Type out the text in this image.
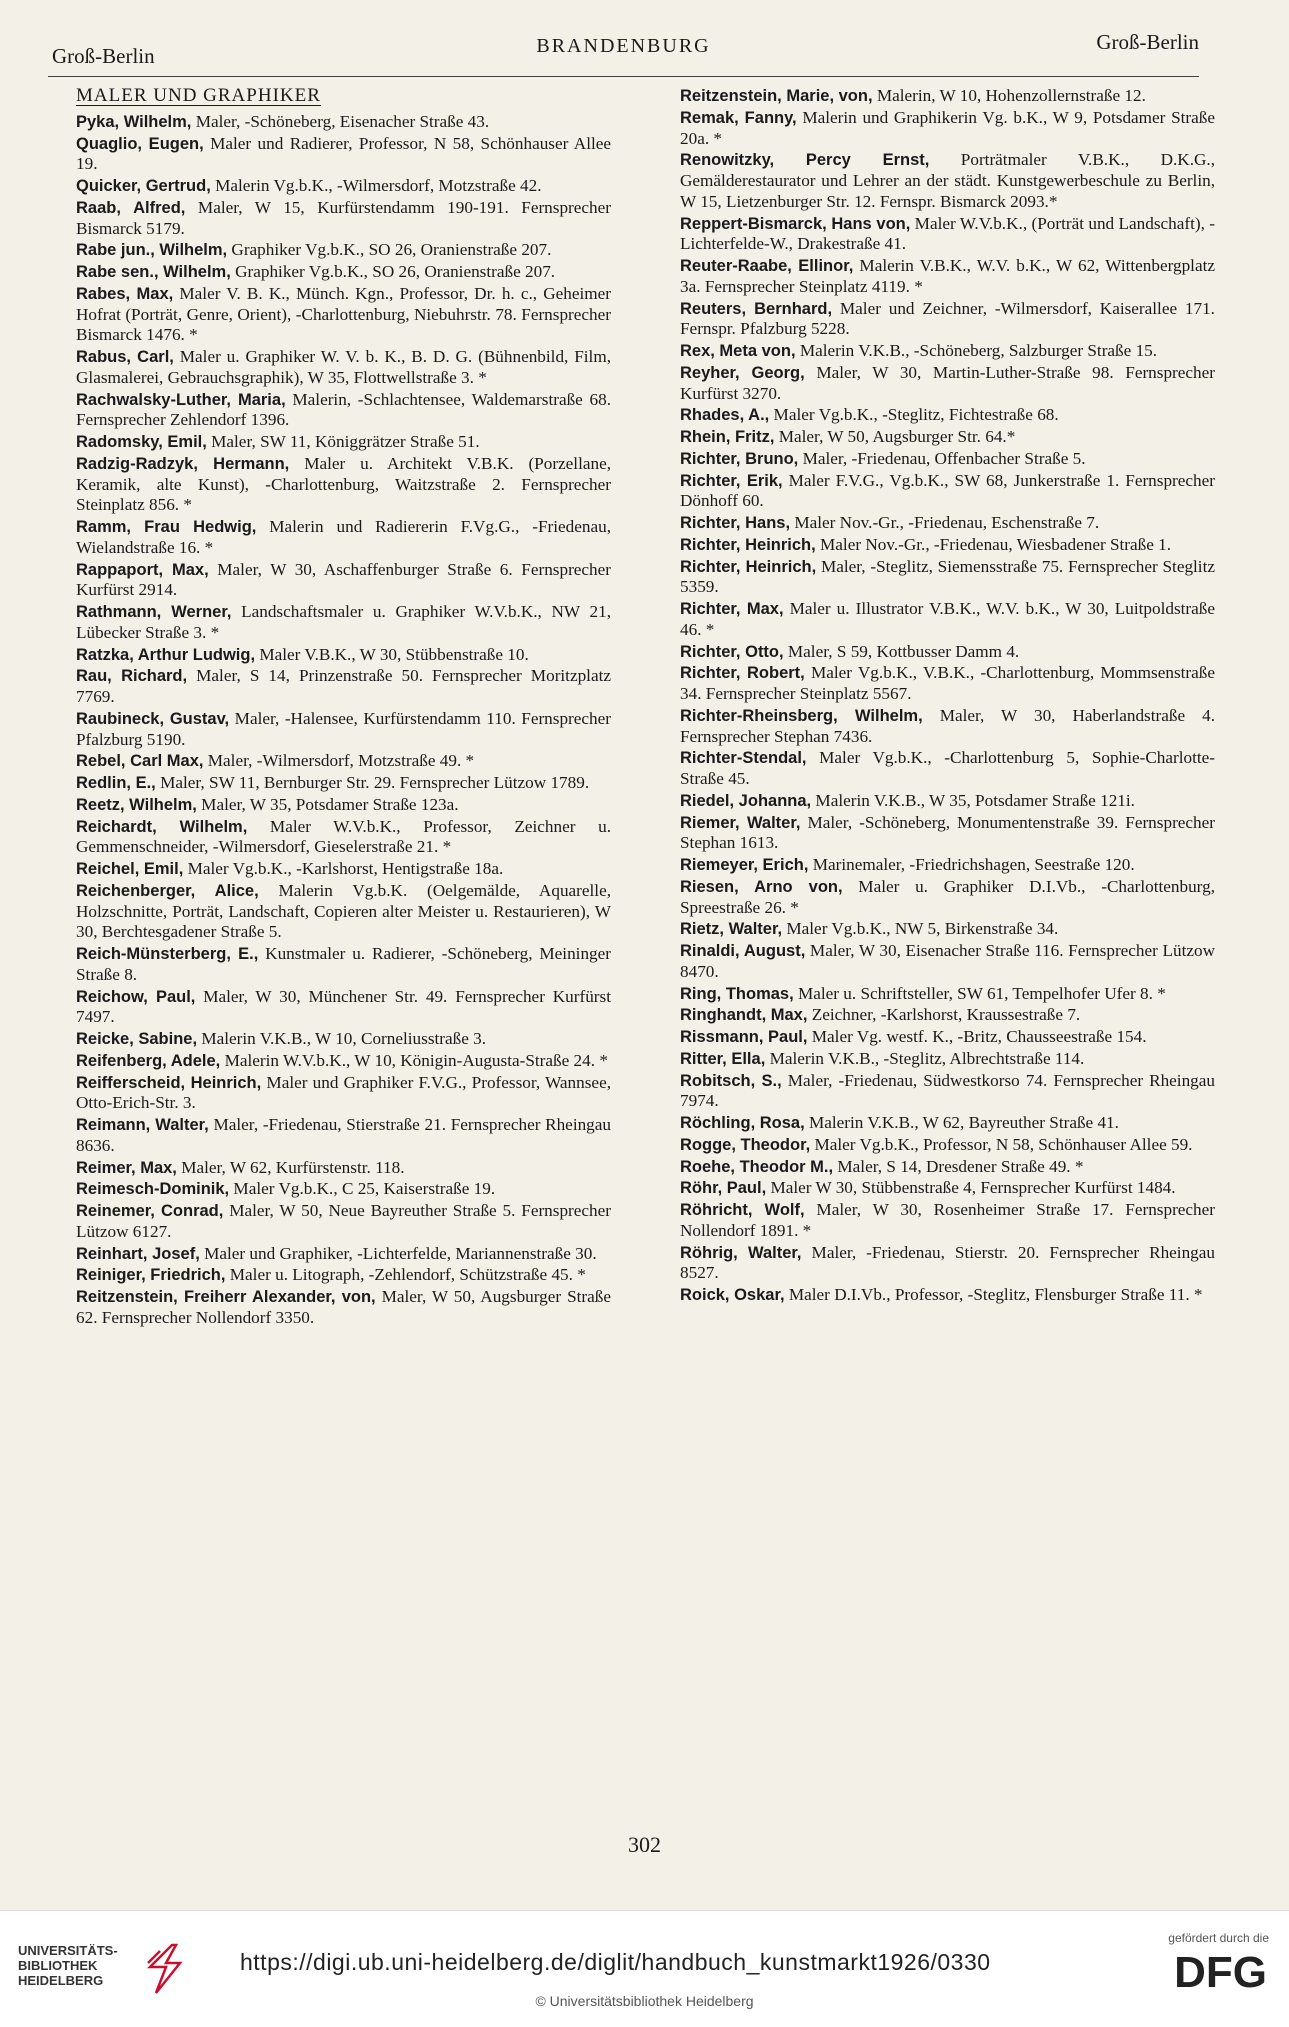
Groß-Berlin	BRANDENBURG	Groß-Berlin
MALER UND GRAPHIKER
Pyka, Wilhelm, Maler, -Schöneberg, Eisenacher Straße 43.
Quaglio, Eugen, Maler und Radierer, Professor, N 58, Schönhauser Allee 19.
Quicker, Gertrud, Malerin Vg.b.K., -Wilmersdorf, Motzstraße 42.
Raab, Alfred, Maler, W 15, Kurfürstendamm 190-191. Fernsprecher Bismarck 5179.
Rabe jun., Wilhelm, Graphiker Vg.b.K., SO 26, Oranienstraße 207.
Rabe sen., Wilhelm, Graphiker Vg.b.K., SO 26, Oranienstraße 207.
Rabes, Max, Maler V. B. K., Münch. Kgn., Professor, Dr. h. c., Geheimer Hofrat (Porträt, Genre, Orient), -Charlottenburg, Niebuhrstr. 78. Fernsprecher Bismarck 1476. *
Rabus, Carl, Maler u. Graphiker W. V. b. K., B. D. G. (Bühnenbild, Film, Glasmalerei, Gebrauchsgraphik), W 35, Flottwellstraße 3. *
Rachwalsky-Luther, Maria, Malerin, -Schlachtensee, Waldemarstraße 68. Fernsprecher Zehlendorf 1396.
Radomsky, Emil, Maler, SW 11, Königgrätzer Straße 51.
Radzig-Radzyk, Hermann, Maler u. Architekt V.B.K. (Porzellane, Keramik, alte Kunst), -Charlottenburg, Waitzstraße 2. Fernsprecher Steinplatz 856. *
Ramm, Frau Hedwig, Malerin und Radiererin F.Vg.G., -Friedenau, Wielandstraße 16. *
Rappaport, Max, Maler, W 30, Aschaffenburger Straße 6. Fernsprecher Kurfürst 2914.
Rathmann, Werner, Landschaftsmaler u. Graphiker W.V.b.K., NW 21, Lübecker Straße 3. *
Ratzka, Arthur Ludwig, Maler V.B.K., W 30, Stübbenstraße 10.
Rau, Richard, Maler, S 14, Prinzenstraße 50. Fernsprecher Moritzplatz 7769.
Raubineck, Gustav, Maler, -Halensee, Kurfürstendamm 110. Fernsprecher Pfalzburg 5190.
Rebel, Carl Max, Maler, -Wilmersdorf, Motzstraße 49. *
Redlin, E., Maler, SW 11, Bernburger Str. 29. Fernsprecher Lützow 1789.
Reetz, Wilhelm, Maler, W 35, Potsdamer Straße 123a.
Reichardt, Wilhelm, Maler W.V.b.K., Professor, Zeichner u. Gemmenschneider, -Wilmersdorf, Gieselerstraße 21. *
Reichel, Emil, Maler Vg.b.K., -Karlshorst, Hentigstraße 18a.
Reichenberger, Alice, Malerin Vg.b.K. (Oelgemälde, Aquarelle, Holzschnitte, Porträt, Landschaft, Copieren alter Meister u. Restaurieren), W 30, Berchtesgadener Straße 5.
Reich-Münsterberg, E., Kunstmaler u. Radierer, -Schöneberg, Meininger Straße 8.
Reichow, Paul, Maler, W 30, Münchener Str. 49. Fernsprecher Kurfürst 7497.
Reicke, Sabine, Malerin V.K.B., W 10, Corneliusstraße 3.
Reifenberg, Adele, Malerin W.V.b.K., W 10, Königin-Augusta-Straße 24. *
Reifferscheid, Heinrich, Maler und Graphiker F.V.G., Professor, Wannsee, Otto-Erich-Str. 3.
Reimann, Walter, Maler, -Friedenau, Stierstraße 21. Fernsprecher Rheingau 8636.
Reimer, Max, Maler, W 62, Kurfürstenstr. 118.
Reimesch-Dominik, Maler Vg.b.K., C 25, Kaiserstraße 19.
Reinemer, Conrad, Maler, W 50, Neue Bayreuther Straße 5. Fernsprecher Lützow 6127.
Reinhart, Josef, Maler und Graphiker, -Lichterfelde, Mariannenstraße 30.
Reiniger, Friedrich, Maler u. Litograph, -Zehlendorf, Schützstraße 45. *
Reitzenstein, Freiherr Alexander, von, Maler, W 50, Augsburger Straße 62. Fernsprecher Nollendorf 3350.
Reitzenstein, Marie, von, Malerin, W 10, Hohenzollernstraße 12.
Remak, Fanny, Malerin und Graphikerin Vg. b.K., W 9, Potsdamer Straße 20a. *
Renowitzky, Percy Ernst, Porträtmaler V.B.K., D.K.G., Gemälderestaurator und Lehrer an der städt. Kunstgewerbeschule zu Berlin, W 15, Lietzenburger Str. 12. Fernspr. Bismarck 2093.*
Reppert-Bismarck, Hans von, Maler W.V.b.K., (Porträt und Landschaft), -Lichterfelde-W., Drakestraße 41.
Reuter-Raabe, Ellinor, Malerin V.B.K., W.V. b.K., W 62, Wittenbergplatz 3a. Fernsprecher Steinplatz 4119. *
Reuters, Bernhard, Maler und Zeichner, -Wilmersdorf, Kaiserallee 171. Fernspr. Pfalzburg 5228.
Rex, Meta von, Malerin V.K.B., -Schöneberg, Salzburger Straße 15.
Reyher, Georg, Maler, W 30, Martin-Luther-Straße 98. Fernsprecher Kurfürst 3270.
Rhades, A., Maler Vg.b.K., -Steglitz, Fichtestraße 68.
Rhein, Fritz, Maler, W 50, Augsburger Str. 64.*
Richter, Bruno, Maler, -Friedenau, Offenbacher Straße 5.
Richter, Erik, Maler F.V.G., Vg.b.K., SW 68, Junkerstraße 1. Fernsprecher Dönhoff 60.
Richter, Hans, Maler Nov.-Gr., -Friedenau, Eschenstraße 7.
Richter, Heinrich, Maler Nov.-Gr., -Friedenau, Wiesbadener Straße 1.
Richter, Heinrich, Maler, -Steglitz, Siemensstraße 75. Fernsprecher Steglitz 5359.
Richter, Max, Maler u. Illustrator V.B.K., W.V. b.K., W 30, Luitpoldstraße 46. *
Richter, Otto, Maler, S 59, Kottbusser Damm 4.
Richter, Robert, Maler Vg.b.K., V.B.K., -Charlottenburg, Mommsenstraße 34. Fernsprecher Steinplatz 5567.
Richter-Rheinsberg, Wilhelm, Maler, W 30, Haberlandstraße 4. Fernsprecher Stephan 7436.
Richter-Stendal, Maler Vg.b.K., -Charlottenburg 5, Sophie-Charlotte-Straße 45.
Riedel, Johanna, Malerin V.K.B., W 35, Potsdamer Straße 121i.
Riemer, Walter, Maler, -Schöneberg, Monumentenstraße 39. Fernsprecher Stephan 1613.
Riemeyer, Erich, Marinemaler, -Friedrichshagen, Seestraße 120.
Riesen, Arno von, Maler u. Graphiker D.I.Vb., -Charlottenburg, Spreestraße 26. *
Rietz, Walter, Maler Vg.b.K., NW 5, Birkenstraße 34.
Rinaldi, August, Maler, W 30, Eisenacher Straße 116. Fernsprecher Lützow 8470.
Ring, Thomas, Maler u. Schriftsteller, SW 61, Tempelhofer Ufer 8. *
Ringhandt, Max, Zeichner, -Karlshorst, Kraussestraße 7.
Rissmann, Paul, Maler Vg. westf. K., -Britz, Chausseestraße 154.
Ritter, Ella, Malerin V.K.B., -Steglitz, Albrechtstraße 114.
Robitsch, S., Maler, -Friedenau, Südwestkorso 74. Fernsprecher Rheingau 7974.
Röchling, Rosa, Malerin V.K.B., W 62, Bayreuther Straße 41.
Rogge, Theodor, Maler Vg.b.K., Professor, N 58, Schönhauser Allee 59.
Roehe, Theodor M., Maler, S 14, Dresdener Straße 49. *
Röhr, Paul, Maler W 30, Stübbenstraße 4, Fernsprecher Kurfürst 1484.
Röhricht, Wolf, Maler, W 30, Rosenheimer Straße 17. Fernsprecher Nollendorf 1891. *
Röhrig, Walter, Maler, -Friedenau, Stierstr. 20. Fernsprecher Rheingau 8527.
Roick, Oskar, Maler D.I.Vb., Professor, -Steglitz, Flensburger Straße 11. *
302
UNIVERSITÄTS-
BIBLIOTHEK
HEIDELBERG
https://digi.ub.uni-heidelberg.de/diglit/handbuch_kunstmarkt1926/0330
© Universitätsbibliothek Heidelberg
gefördert durch die
DFG
